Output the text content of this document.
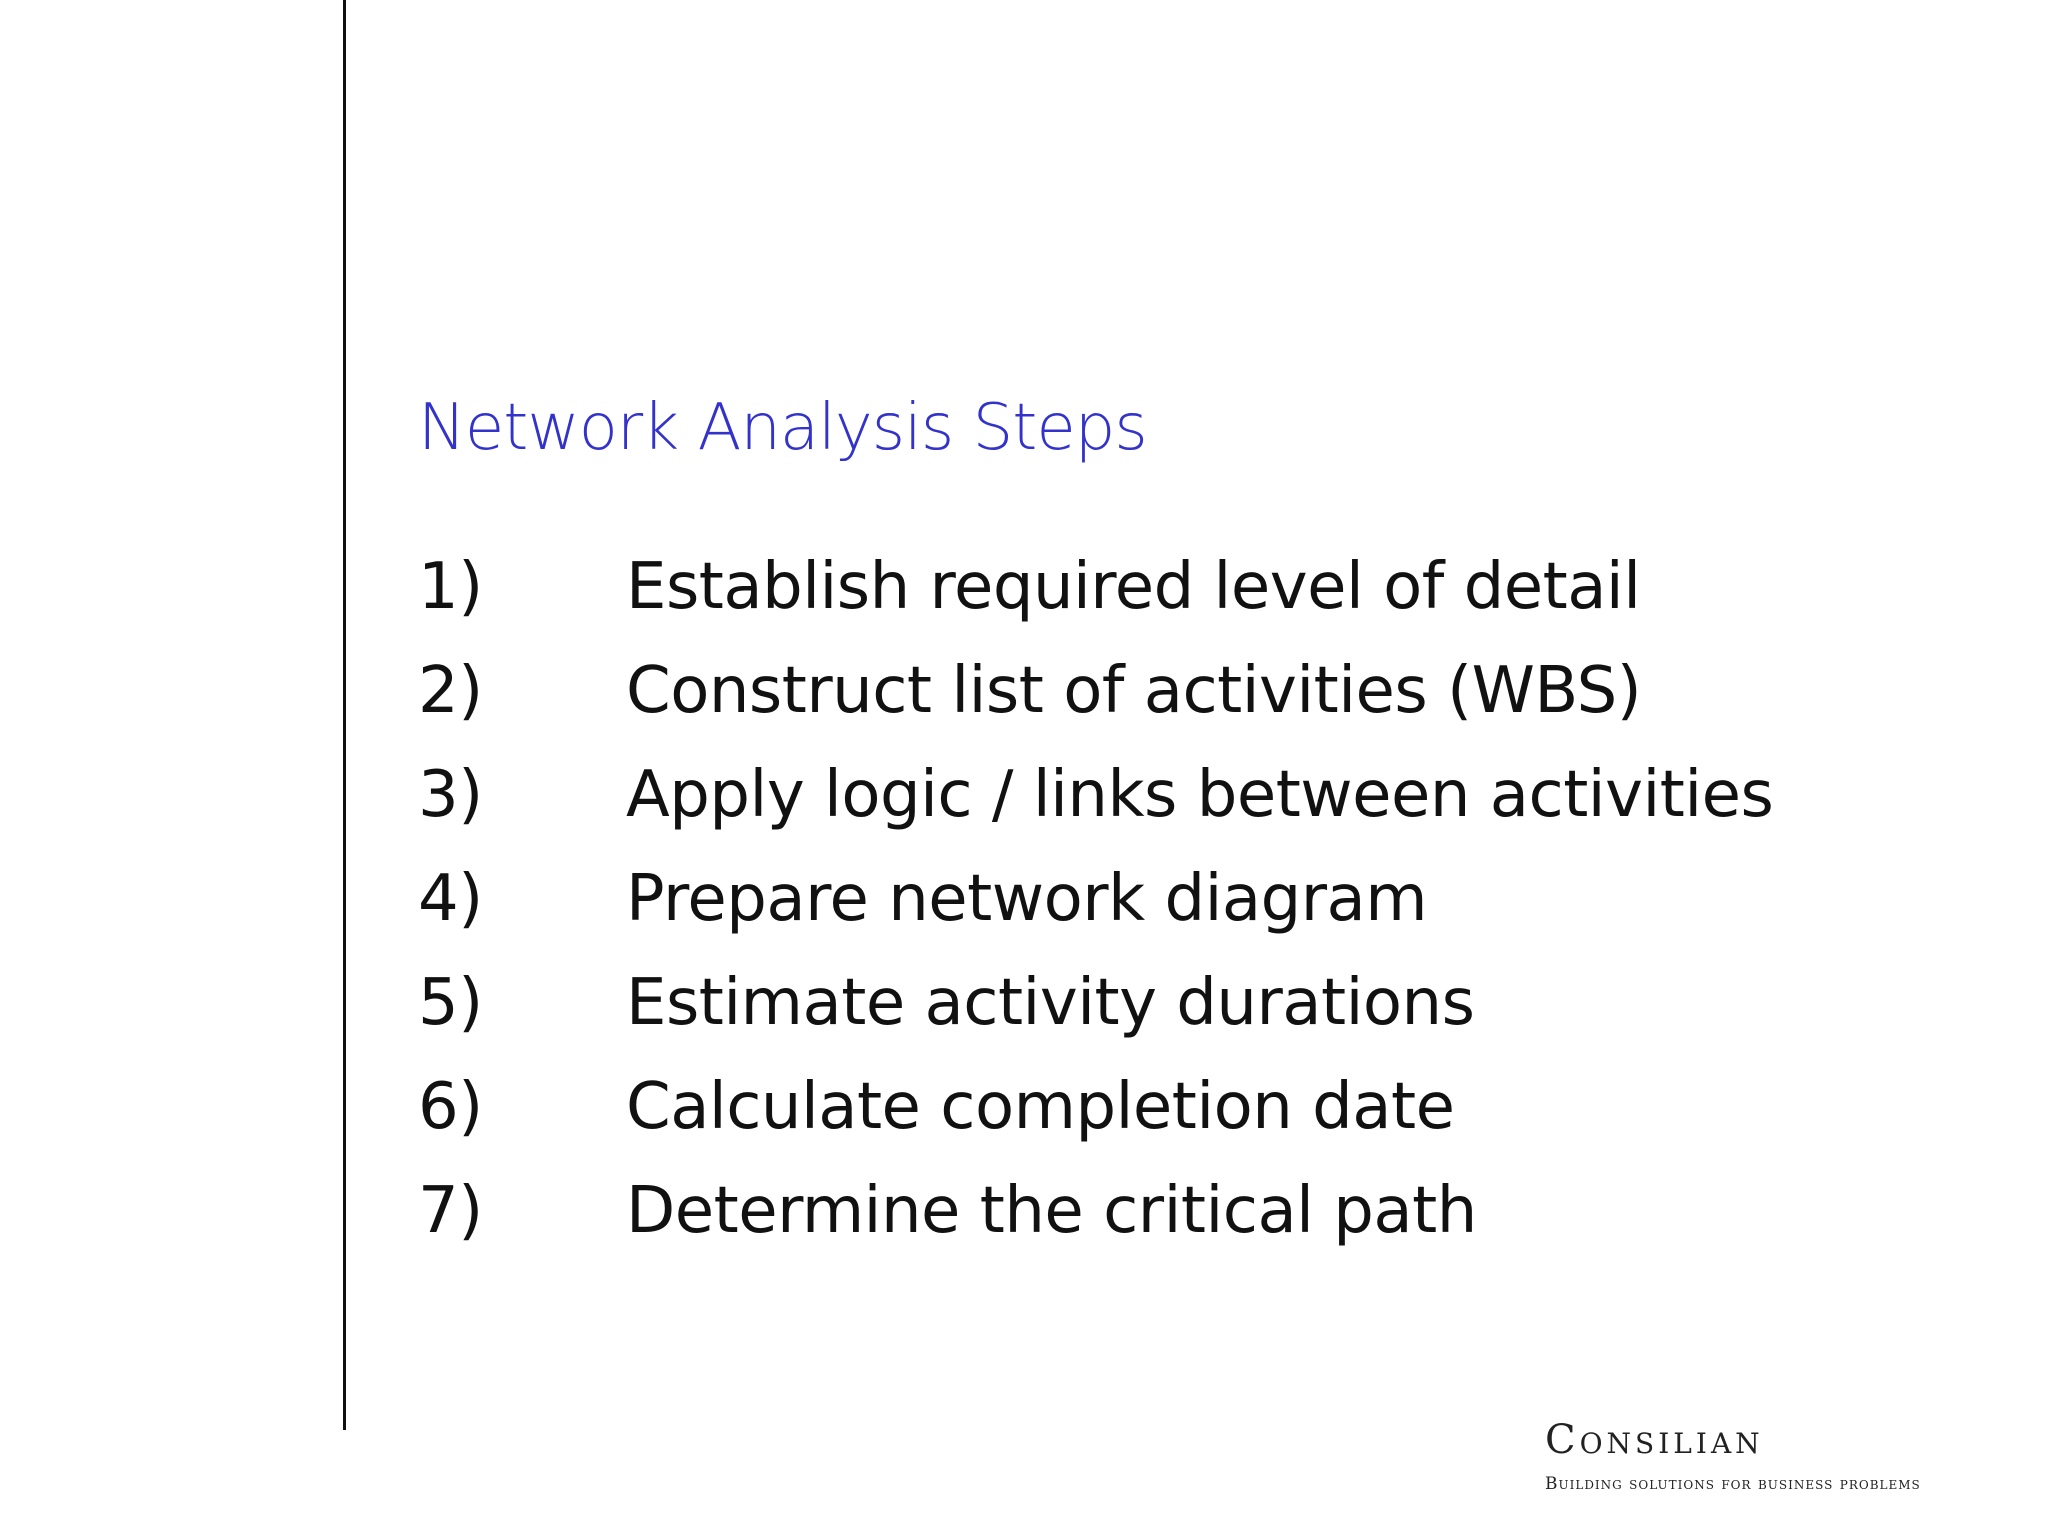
Network Analysis Steps
1)	Establish required level of detail
2)	Construct list of activities (WBS)
3)	Apply logic / links between activities
4)	Prepare network diagram
5)	Estimate activity durations
6)	Calculate completion date
7)	Determine the critical path
Consilian
Building solutions for business problems
